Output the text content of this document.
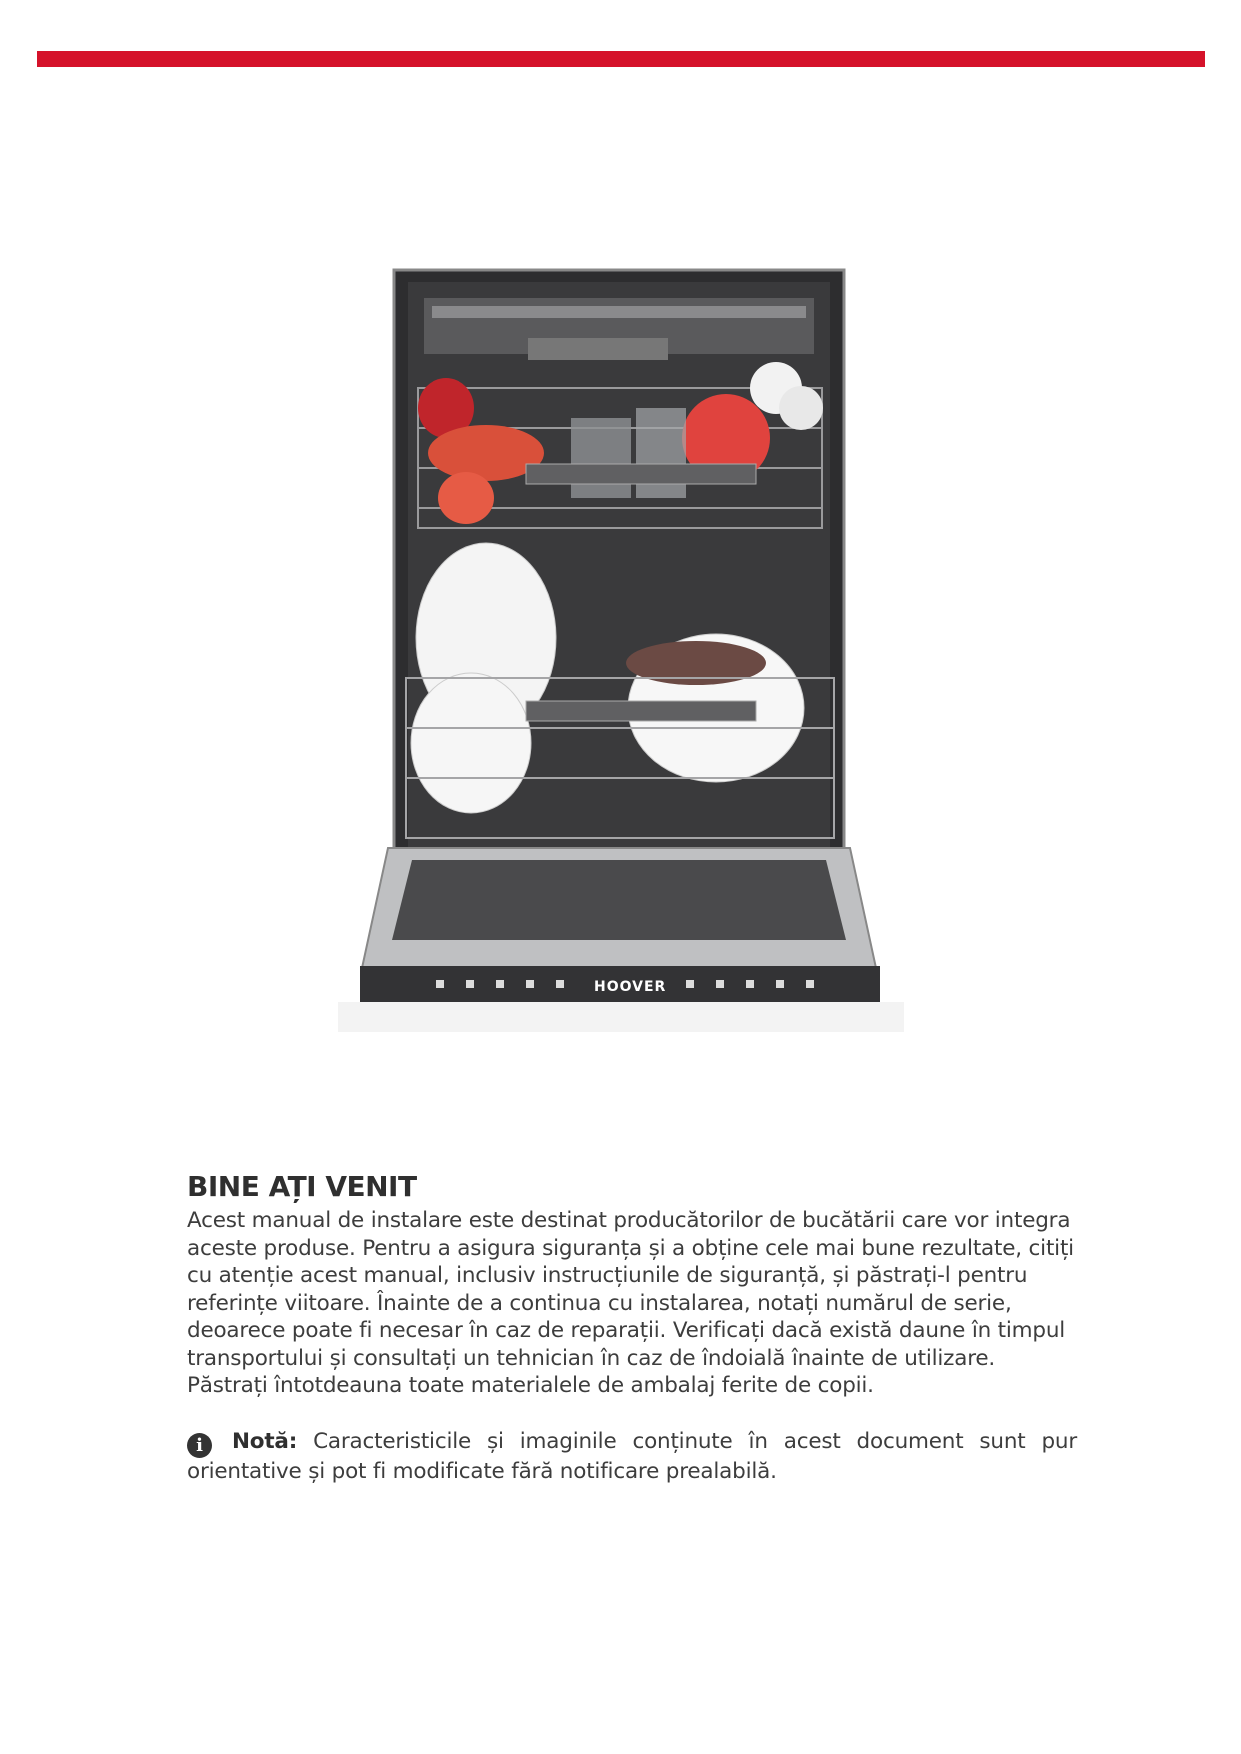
HOOVER
BINE AȚI VENIT

Acest manual de instalare este destinat producătorilor de bucătării care vor integra aceste produse. Pentru a asigura siguranța și a obține cele mai bune rezultate, citiți cu atenție acest manual, inclusiv instrucțiunile de siguranță, și păstrați-l pentru referințe viitoare. Înainte de a continua cu instalarea, notați numărul de serie, deoarece poate fi necesar în caz de reparații. Verificați dacă există daune în timpul transportului și consultați un tehnician în caz de îndoială înainte de utilizare. Păstrați întotdeauna toate materialele de ambalaj ferite de copii.

i Notă: Caracteristicile și imaginile conținute în acest document sunt pur orientative și pot fi modificate fără notificare prealabilă.
